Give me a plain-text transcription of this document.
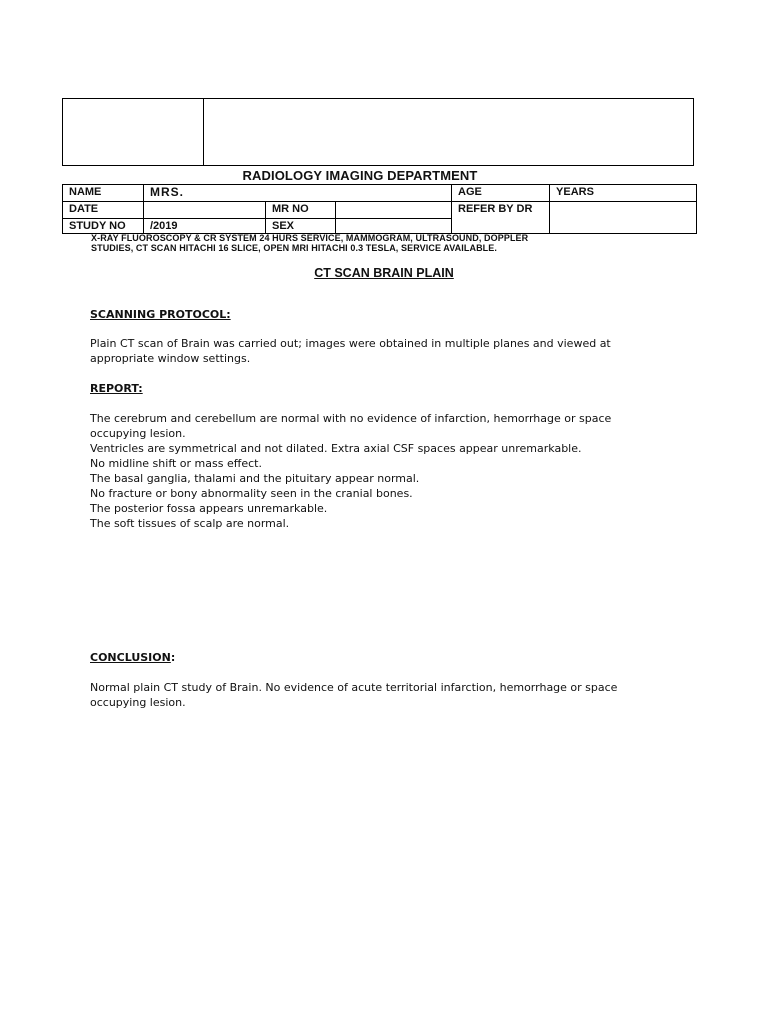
RADIOLOGY IMAGING DEPARTMENT
NAME	MRS.			AGE	YEARS
DATE		MR NO		REFER BY DR	
STUDY NO	/2019	SEX			
X-RAY FLUOROSCOPY & CR SYSTEM 24 HURS SERVICE, MAMMOGRAM, ULTRASOUND, DOPPLER
STUDIES, CT SCAN HITACHI 16 SLICE, OPEN MRI HITACHI 0.3 TESLA, SERVICE AVAILABLE.
CT SCAN BRAIN PLAIN
SCANNING PROTOCOL:

Plain CT scan of Brain was carried out; images were obtained in multiple planes and viewed at

appropriate window settings.

REPORT:

The cerebrum and cerebellum are normal with no evidence of infarction, hemorrhage or space

occupying lesion.

Ventricles are symmetrical and not dilated. Extra axial CSF spaces appear unremarkable.

No midline shift or mass effect.

The basal ganglia, thalami and the pituitary appear normal.

No fracture or bony abnormality seen in the cranial bones.

The posterior fossa appears unremarkable.

The soft tissues of scalp are normal.

CONCLUSION:

Normal plain CT study of Brain. No evidence of acute territorial infarction, hemorrhage or space

occupying lesion.
